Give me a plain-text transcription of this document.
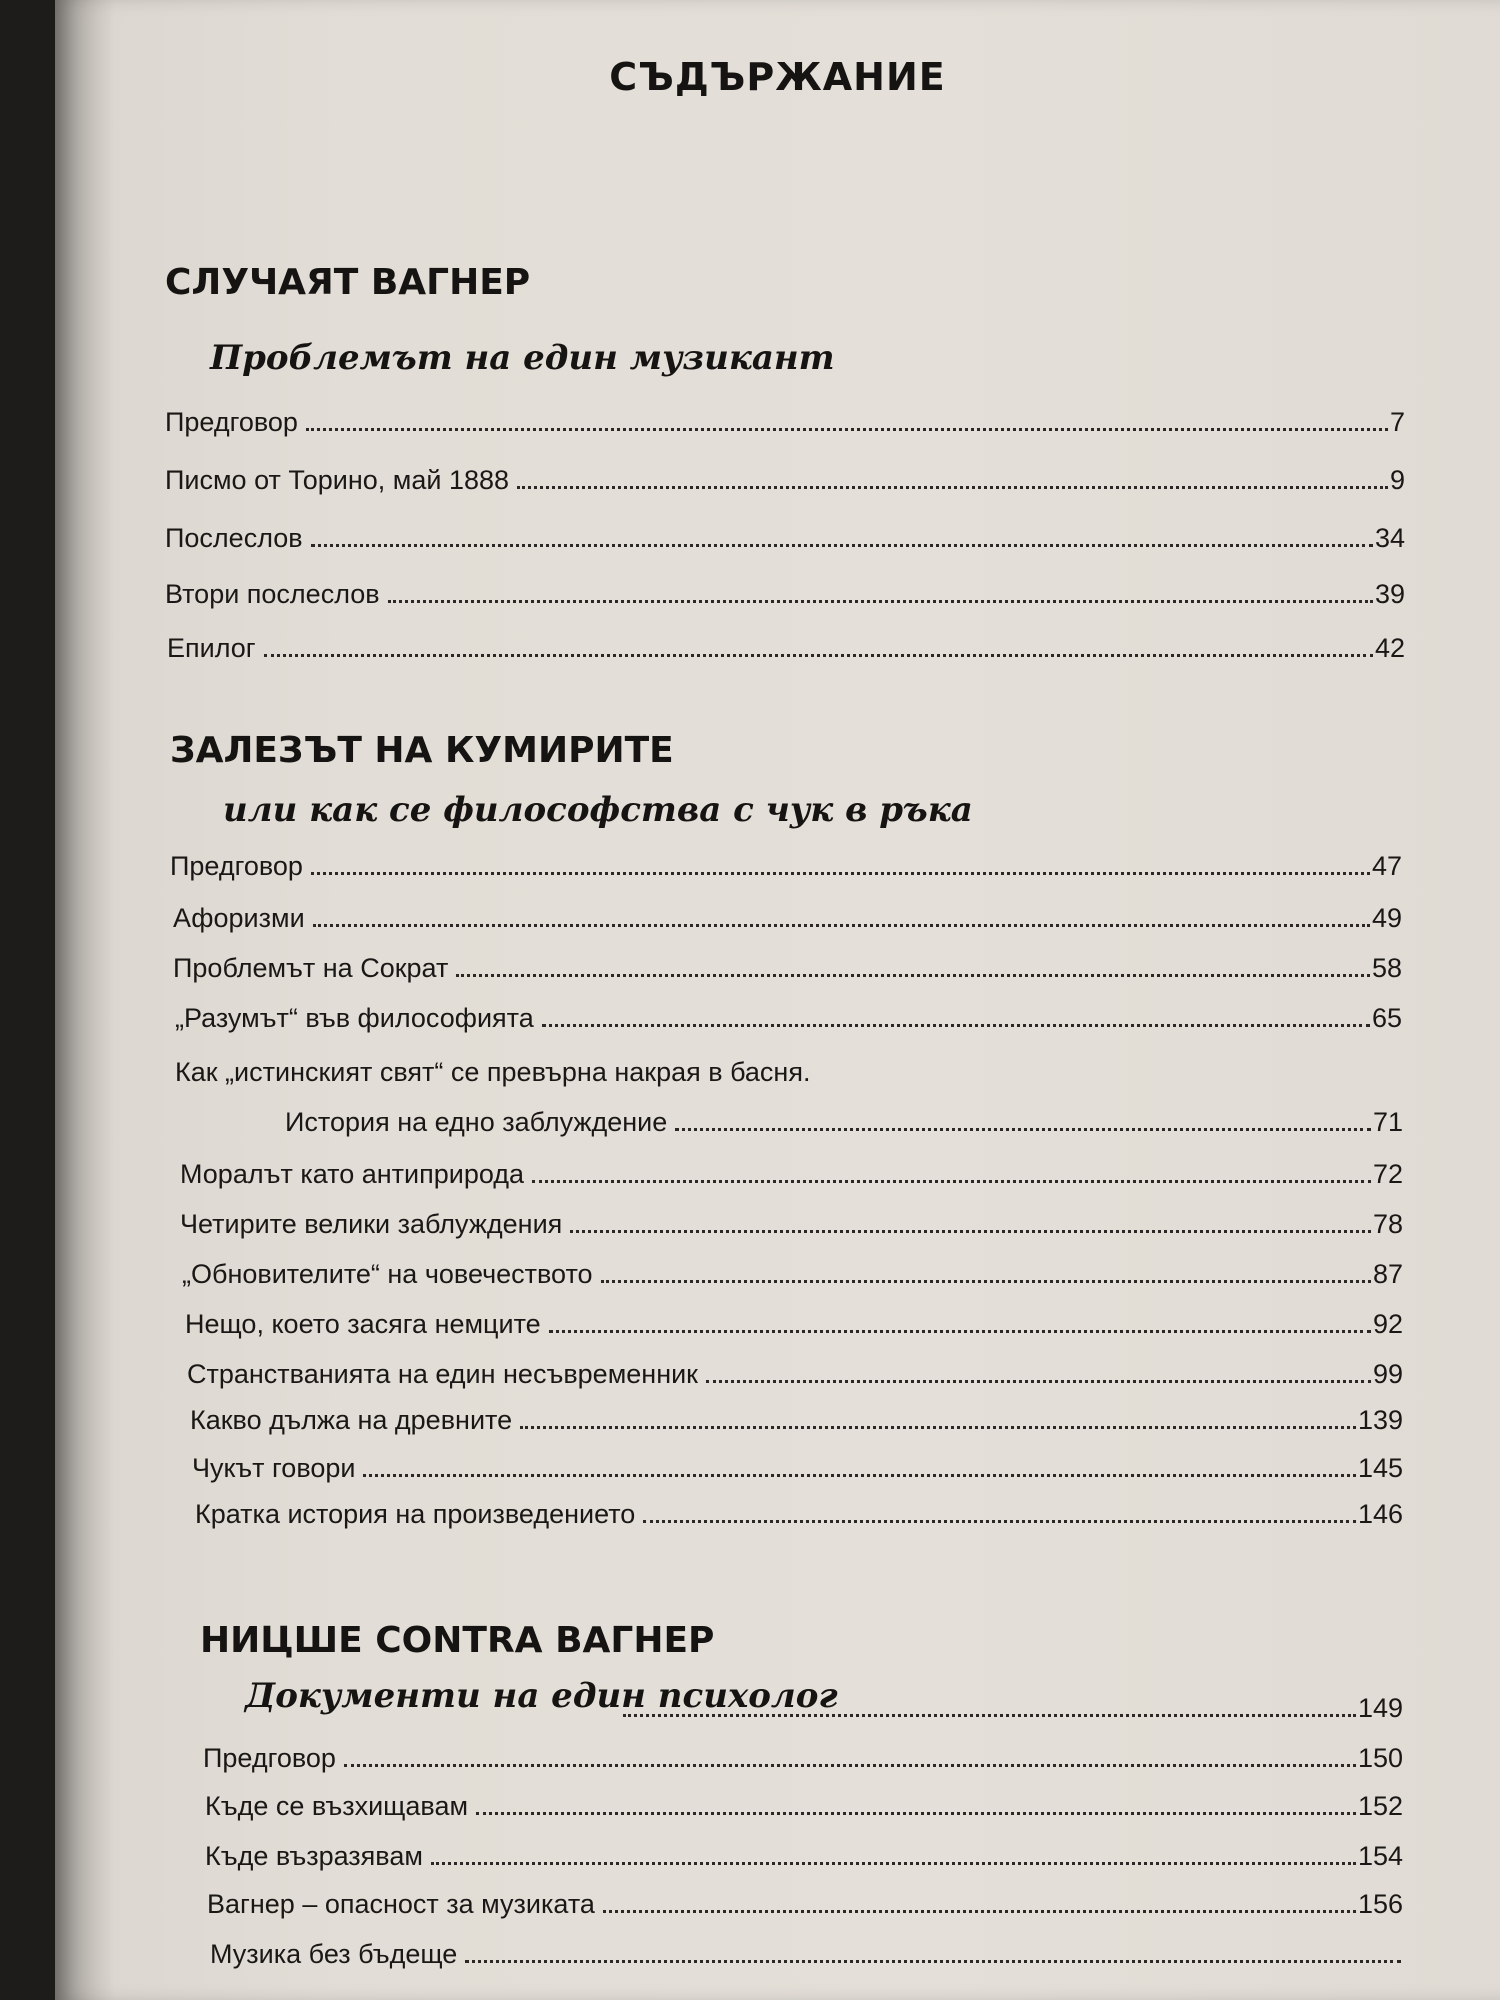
СЪДЪРЖАНИЕ
СЛУЧАЯТ ВАГНЕР
Проблемът на един музикант
Предговор	7
Писмо от Торино, май 1888	9
Послеслов	34
Втори послеслов	39
Епилог	42
ЗАЛЕЗЪТ НА КУМИРИТЕ
или как се философства с чук в ръка
Предговор	47
Афоризми	49
Проблемът на Сократ	58
„Разумът“ във философията	65
Как „истинският свят“ се превърна накрая в басня.
История на едно заблуждение	71
Моралът като антиприрода	72
Четирите велики заблуждения	78
„Обновителите“ на човечеството	87
Нещо, което засяга немците	92
Странстванията на един несъвременник	99
Какво дължа на древните	139
Чукът говори	145
Кратка история на произведението	146
НИЦШЕ CONTRA ВАГНЕР
Документи на един психолог	149
Предговор	150
Къде се възхищавам	152
Къде възразявам	154
Вагнер – опасност за музиката	156
Музика без бъдеще
